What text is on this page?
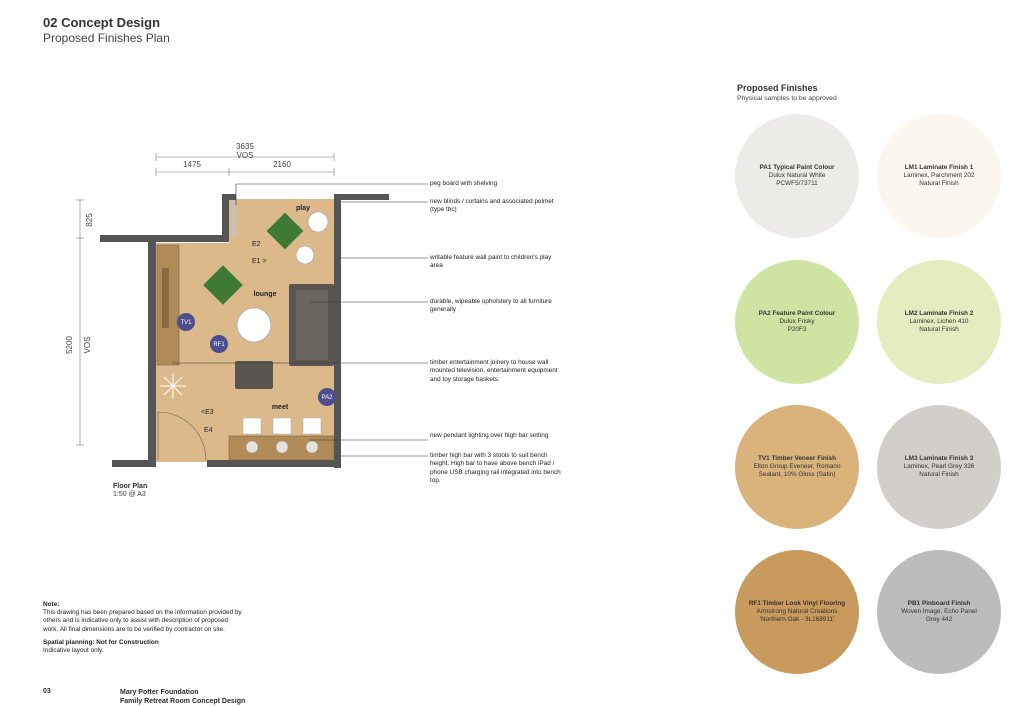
02 Concept Design
Proposed Finishes Plan
3635
VOS
1475	2160
5200 VOS
825
play
lounge
meet
E2
E1 >
<E3
E4
TV1
RF1
PA2
peg board with shelving
new blinds / curtains and associated pelmet (type tbc)
writable feature wall paint to children's play area
durable, wipeable upholstery to all furniture generally
timber entertainment joinery to house wall mounted television, entertainment equipment and toy storage baskets.
new pendant lighting over high bar setting
timber high bar with 3 stools to suit bench height. High bar to have above bench iPad / phone USB charging rail integrated into bench top.
Floor Plan
1:50 @ A3
Note:
This drawing has been prepared based on the information provided by others and is indicative only to assist with description of proposed work. All final dimensions are to be verified by contractor on site.
Spatial planning: Not for Construction
Indicative layout only.
03	Mary Potter Foundation
Family Retreat Room Concept Design
Proposed Finishes
Physical samples to be approved
PA1 Typical Paint Colour
Dulux Natural White
PCWF5/73711
LM1 Laminate Finish 1
Laminex, Parchment 202
Natural Finish
PA2 Feature Paint Colour
Dulux Frisky
P20F3
LM2 Laminate Finish 2
Laminex, Lichen 410
Natural Finish
TV1 Timber Veneer Finish
Elton Group Eveneer, Romano
Sealant, 10% Gloss (Satin)
LM3 Laminate Finish 3
Laminex, Pearl Grey 336
Natural Finish
RF1 Timber Look Vinyl Flooring
Armstrong Natural Creations
'Northern Oak - 3L168911'
PB1 Pinboard Finish
Woven Image, Echo Panel
Grey 442
